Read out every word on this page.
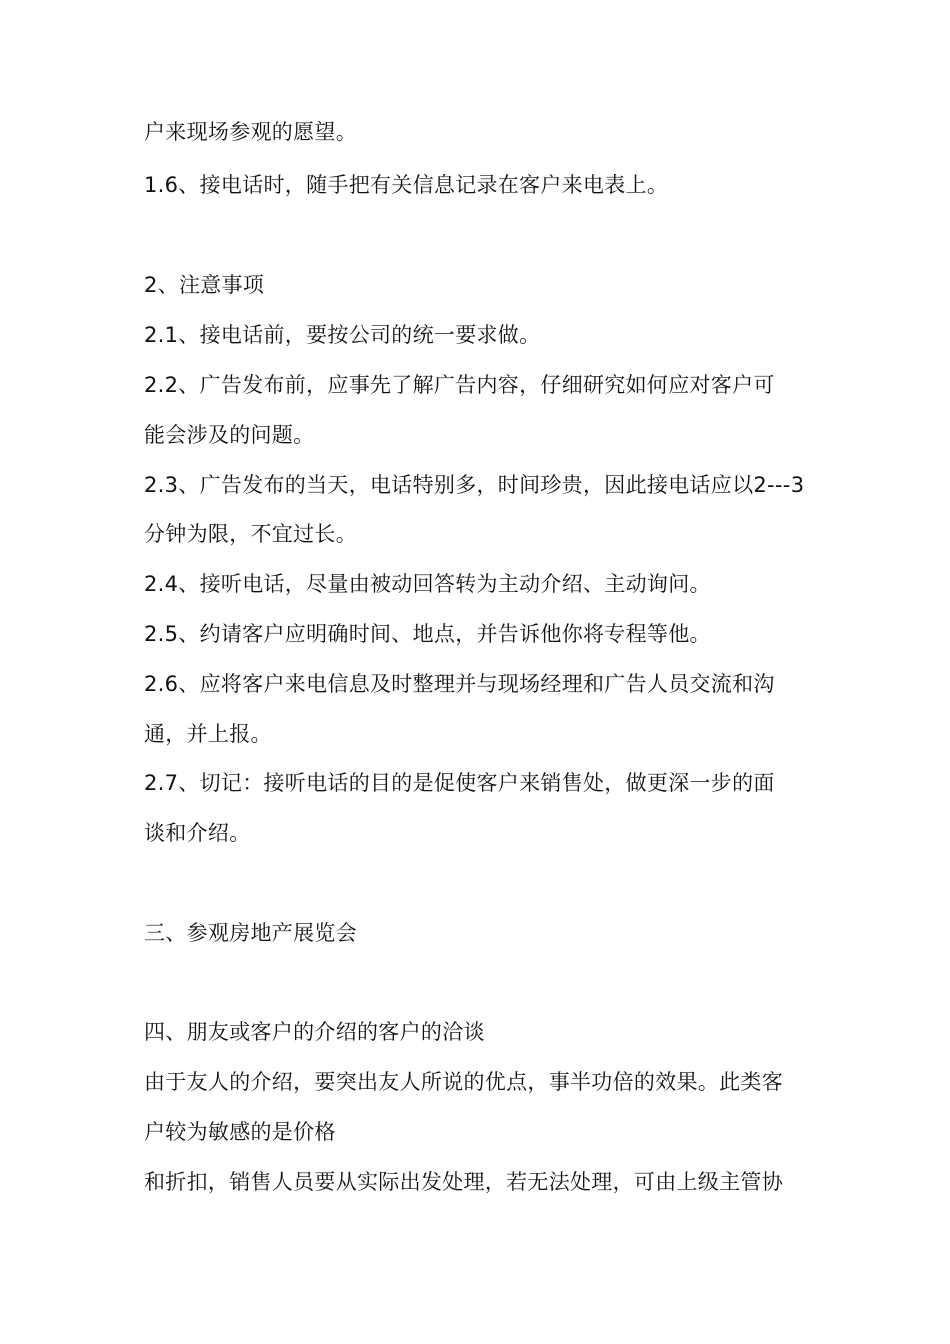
户来现场参观的愿望。
1.6、接电话时，随手把有关信息记录在客户来电表上。
2、注意事项
2.1、接电话前，要按公司的统一要求做。
2.2、广告发布前，应事先了解广告内容，仔细研究如何应对客户可
能会涉及的问题。
2.3、广告发布的当天，电话特别多，时间珍贵，因此接电话应以2---3
分钟为限，不宜过长。
2.4、接听电话，尽量由被动回答转为主动介绍、主动询问。
2.5、约请客户应明确时间、地点，并告诉他你将专程等他。
2.6、应将客户来电信息及时整理并与现场经理和广告人员交流和沟
通，并上报。
2.7、切记：接听电话的目的是促使客户来销售处，做更深一步的面
谈和介绍。
三、参观房地产展览会
四、朋友或客户的介绍的客户的洽谈
由于友人的介绍，要突出友人所说的优点，事半功倍的效果。此类客
户较为敏感的是价格
和折扣，销售人员要从实际出发处理，若无法处理，可由上级主管协
